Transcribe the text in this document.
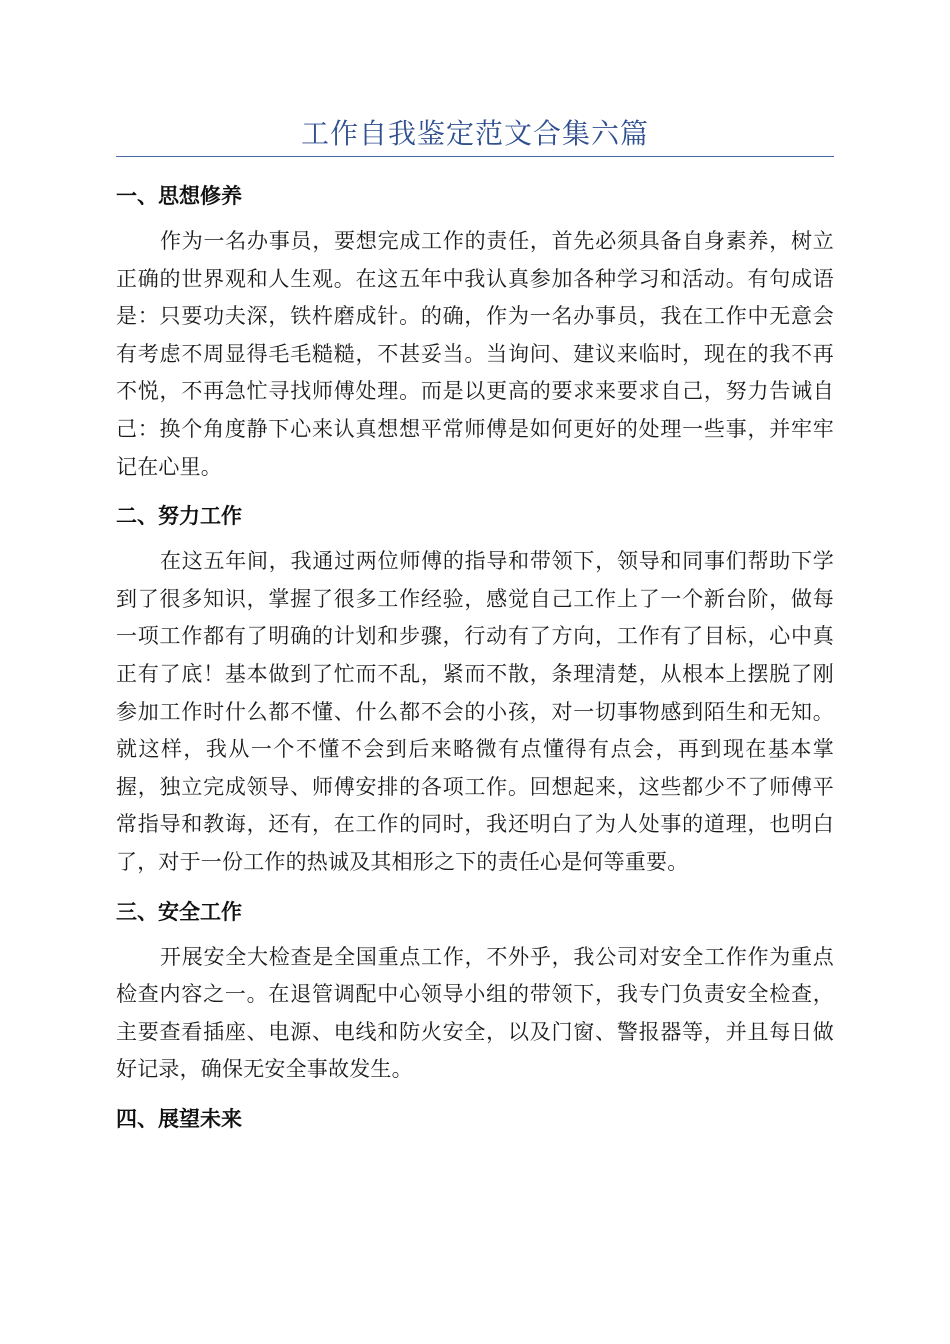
工作自我鉴定范文合集六篇
一、思想修养

作为一名办事员，要想完成工作的责任，首先必须具备自身素养，树立正确的世界观和人生观。在这五年中我认真参加各种学习和活动。有句成语是：只要功夫深，铁杵磨成针。的确，作为一名办事员，我在工作中无意会有考虑不周显得毛毛糙糙，不甚妥当。当询问、建议来临时，现在的我不再不悦，不再急忙寻找师傅处理。而是以更高的要求来要求自己，努力告诫自己：换个角度静下心来认真想想平常师傅是如何更好的处理一些事，并牢牢记在心里。

二、努力工作

在这五年间，我通过两位师傅的指导和带领下，领导和同事们帮助下学到了很多知识，掌握了很多工作经验，感觉自己工作上了一个新台阶，做每一项工作都有了明确的计划和步骤，行动有了方向，工作有了目标，心中真正有了底！基本做到了忙而不乱，紧而不散，条理清楚，从根本上摆脱了刚参加工作时什么都不懂、什么都不会的小孩，对一切事物感到陌生和无知。就这样，我从一个不懂不会到后来略微有点懂得有点会，再到现在基本掌握，独立完成领导、师傅安排的各项工作。回想起来，这些都少不了师傅平常指导和教诲，还有，在工作的同时，我还明白了为人处事的道理，也明白了，对于一份工作的热诚及其相形之下的责任心是何等重要。

三、安全工作

开展安全大检查是全国重点工作，不外乎，我公司对安全工作作为重点检查内容之一。在退管调配中心领导小组的带领下，我专门负责安全检查，主要查看插座、电源、电线和防火安全，以及门窗、警报器等，并且每日做好记录，确保无安全事故发生。

四、展望未来
